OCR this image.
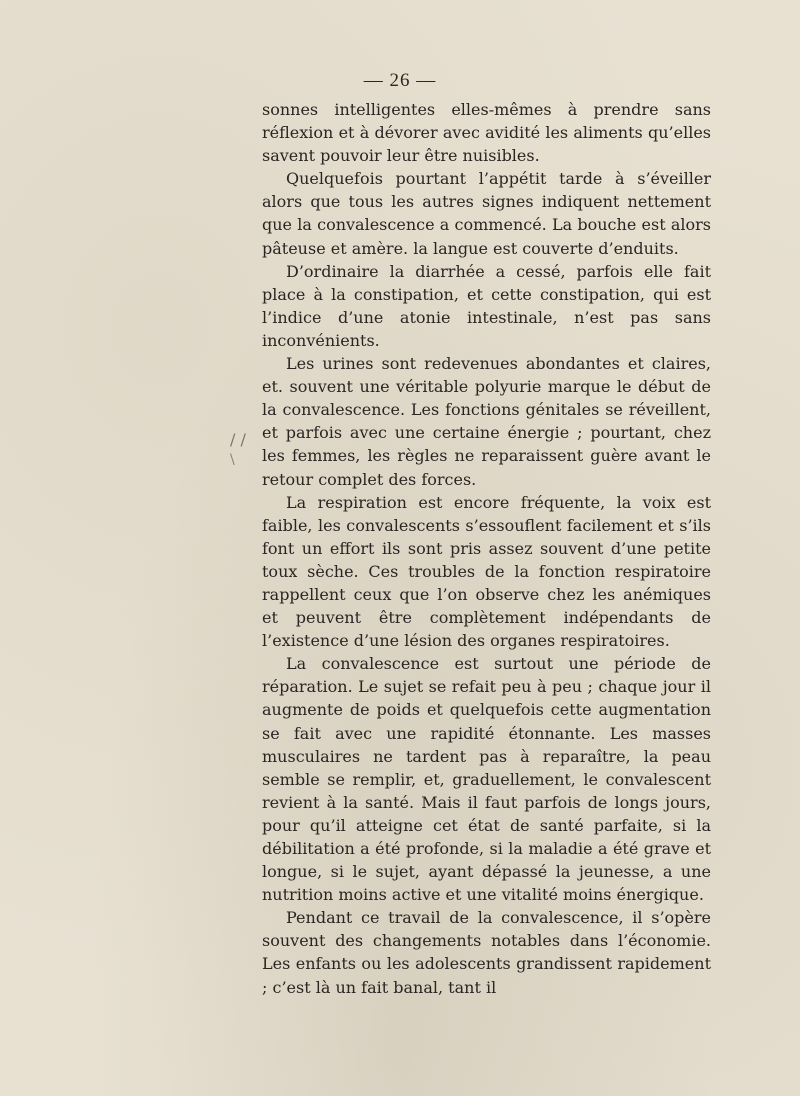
— 26 —
/ /
\

sonnes intelligentes elles-mêmes à prendre sans réflexion et à dévorer avec avidité les aliments qu’elles savent pouvoir leur être nuisibles.

Quelquefois pourtant l’appétit tarde à s’éveiller alors que tous les autres signes indiquent nettement que la convalescence a commencé. La bouche est alors pâteuse et amère. la langue est couverte d’enduits.

D’ordinaire la diarrhée a cessé, parfois elle fait place à la constipation, et cette constipation, qui est l’indice d’une atonie intestinale, n’est pas sans inconvénients.

Les urines sont redevenues abondantes et claires, et. souvent une véritable polyurie marque le début de la convalescence. Les fonctions génitales se réveillent, et parfois avec une certaine énergie ; pourtant, chez les femmes, les règles ne reparaissent guère avant le retour complet des forces.

La respiration est encore fréquente, la voix est faible, les convalescents s’essouflent facilement et s’ils font un effort ils sont pris assez souvent d’une petite toux sèche. Ces troubles de la fonction respiratoire rappellent ceux que l’on observe chez les anémiques et peuvent être complètement indépendants de l’existence d’une lésion des organes respiratoires.

La convalescence est surtout une période de réparation. Le sujet se refait peu à peu ; chaque jour il augmente de poids et quelquefois cette augmentation se fait avec une rapidité étonnante. Les masses musculaires ne tardent pas à reparaître, la peau semble se remplir, et, graduellement, le convalescent revient à la santé. Mais il faut parfois de longs jours, pour qu’il atteigne cet état de santé parfaite, si la débilitation a été profonde, si la maladie a été grave et longue, si le sujet, ayant dépassé la jeunesse, a une nutrition moins active et une vitalité moins énergique.

Pendant ce travail de la convalescence, il s’opère souvent des changements notables dans l’économie. Les enfants ou les adolescents grandissent rapidement ; c’est là un fait banal, tant il
